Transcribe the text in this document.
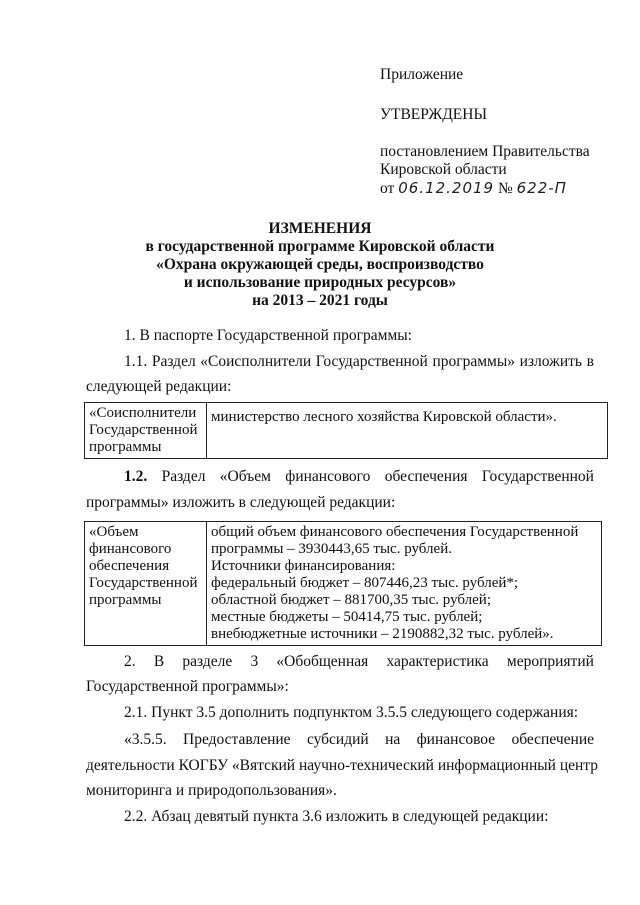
Приложение
УТВЕРЖДЕНЫ
постановлением Правительства
Кировской области
от 06.12.2019 № 622-П
ИЗМЕНЕНИЯ
в государственной программе Кировской области
«Охрана окружающей среды, воспроизводство
и использование природных ресурсов»
на 2013 – 2021 годы
1. В паспорте Государственной программы:
1.1. Раздел «Соисполнители Государственной программы» изложить в
следующей редакции:
«Соисполнители
Государственной
программы

министерство лесного хозяйства Кировской области».
1.2. Раздел «Объем финансового обеспечения Государственной
программы» изложить в следующей редакции:
«Объем
финансового
обеспечения
Государственной
программы

общий объем финансового обеспечения Государственной
программы – 3930443,65 тыс. рублей.
Источники финансирования:
федеральный бюджет – 807446,23 тыс. рублей*;
областной бюджет – 881700,35 тыс. рублей;
местные бюджеты – 50414,75 тыс. рублей;
внебюджетные источники – 2190882,32 тыс. рублей».
2. В разделе 3 «Обобщенная характеристика мероприятий
Государственной программы»:
2.1. Пункт 3.5 дополнить подпунктом 3.5.5 следующего содержания:
«3.5.5. Предоставление субсидий на финансовое обеспечение
деятельности КОГБУ «Вятский научно-технический информационный центр
мониторинга и природопользования».
2.2. Абзац девятый пункта 3.6 изложить в следующей редакции:
